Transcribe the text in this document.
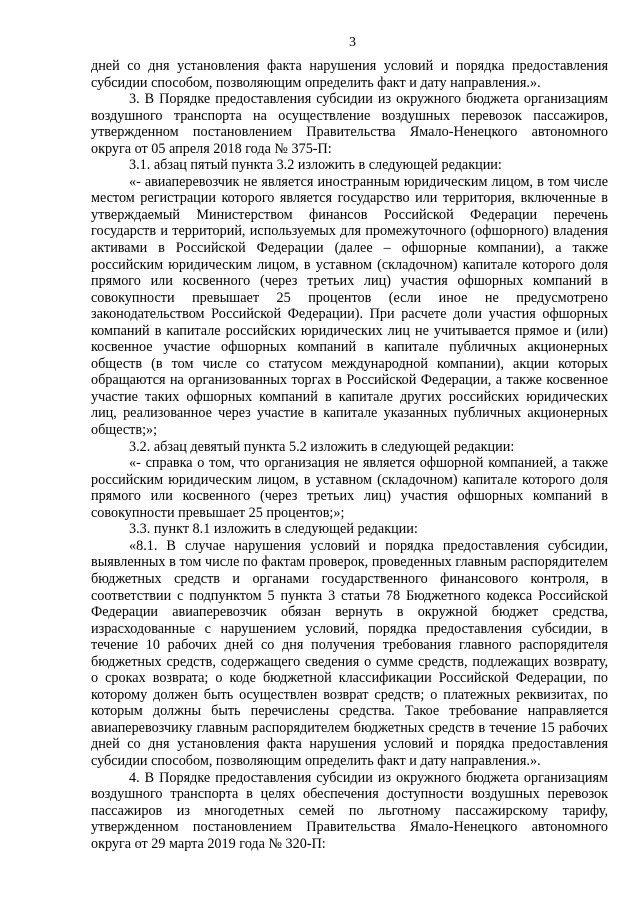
3

дней со дня установления факта нарушения условий и порядка предоставления субсидии способом, позволяющим определить факт и дату направления.».

3. В Порядке предоставления субсидии из окружного бюджета организациям воздушного транспорта на осуществление воздушных перевозок пассажиров, утвержденном постановлением Правительства Ямало-Ненецкого автономного округа от 05 апреля 2018 года № 375-П:

3.1. абзац пятый пункта 3.2 изложить в следующей редакции:

«- авиаперевозчик не является иностранным юридическим лицом, в том числе местом регистрации которого является государство или территория, включенные в утверждаемый Министерством финансов Российской Федерации перечень государств и территорий, используемых для промежуточного (офшорного) владения активами в Российской Федерации (далее – офшорные компании), а также российским юридическим лицом, в уставном (складочном) капитале которого доля прямого или косвенного (через третьих лиц) участия офшорных компаний в совокупности превышает 25 процентов (если иное не предусмотрено законодательством Российской Федерации). При расчете доли участия офшорных компаний в капитале российских юридических лиц не учитывается прямое и (или) косвенное участие офшорных компаний в капитале публичных акционерных обществ (в том числе со статусом международной компании), акции которых обращаются на организованных торгах в Российской Федерации, а также косвенное участие таких офшорных компаний в капитале других российских юридических лиц, реализованное через участие в капитале указанных публичных акционерных обществ;»;

3.2. абзац девятый пункта 5.2 изложить в следующей редакции:

«- справка о том, что организация не является офшорной компанией, а также российским юридическим лицом, в уставном (складочном) капитале которого доля прямого или косвенного (через третьих лиц) участия офшорных компаний в совокупности превышает 25 процентов;»;

3.3. пункт 8.1 изложить в следующей редакции:

«8.1. В случае нарушения условий и порядка предоставления субсидии, выявленных в том числе по фактам проверок, проведенных главным распорядителем бюджетных средств и органами государственного финансового контроля, в соответствии с подпунктом 5 пункта 3 статьи 78 Бюджетного кодекса Российской Федерации авиаперевозчик обязан вернуть в окружной бюджет средства, израсходованные с нарушением условий, порядка предоставления субсидии, в течение 10 рабочих дней со дня получения требования главного распорядителя бюджетных средств, содержащего сведения о сумме средств, подлежащих возврату, о сроках возврата; о коде бюджетной классификации Российской Федерации, по которому должен быть осуществлен возврат средств; о платежных реквизитах, по которым должны быть перечислены средства. Такое требование направляется авиаперевозчику главным распорядителем бюджетных средств в течение 15 рабочих дней со дня установления факта нарушения условий и порядка предоставления субсидии способом, позволяющим определить факт и дату направления.».

4. В Порядке предоставления субсидии из окружного бюджета организациям воздушного транспорта в целях обеспечения доступности воздушных перевозок пассажиров из многодетных семей по льготному пассажирскому тарифу, утвержденном постановлением Правительства Ямало-Ненецкого автономного округа от 29 марта 2019 года № 320-П:
